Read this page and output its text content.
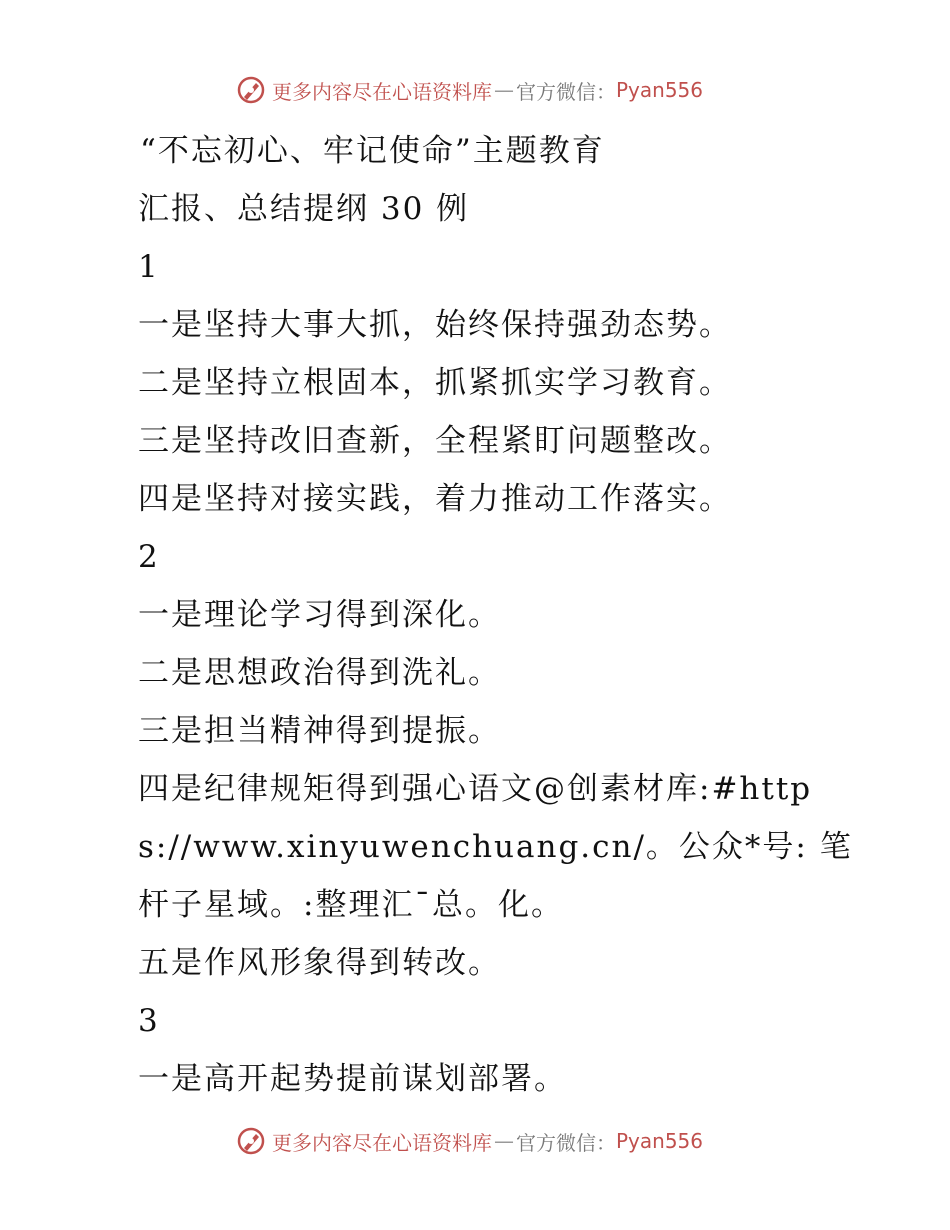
更多内容尽在心语资料库 — 官方微信： Pyan556

“不忘初心、牢记使命”主题教育

汇报、总结提纲 30 例

1

一是坚持大事大抓，始终保持强劲态势。

二是坚持立根固本，抓紧抓实学习教育。

三是坚持改旧查新，全程紧盯问题整改。

四是坚持对接实践，着力推动工作落实。

2

一是理论学习得到深化。

二是思想政治得到洗礼。

三是担当精神得到提振。

四是纪律规矩得到强心语文@创素材库:#https://www.xinyuwenchuang.cn/。公众*号: 笔杆子星域。:整理汇¯总。化。

五是作风形象得到转改。

3

一是高开起势提前谋划部署。

更多内容尽在心语资料库 — 官方微信： Pyan556
